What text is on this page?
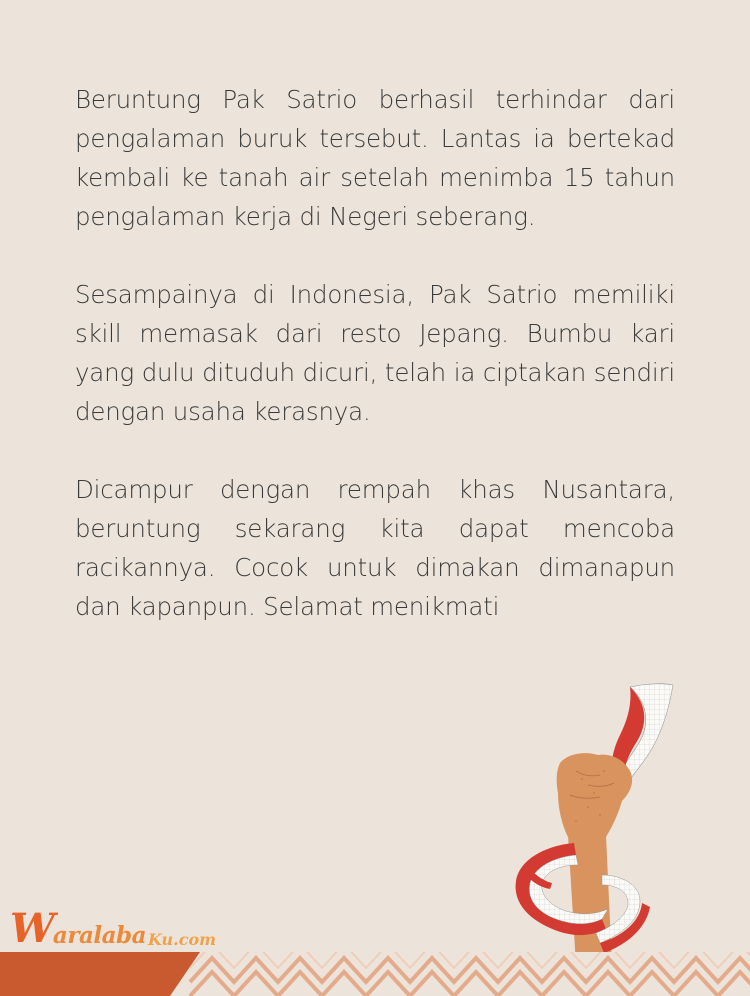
Beruntung Pak Satrio berhasil terhindar dari pengalaman buruk tersebut. Lantas ia bertekad kembali ke tanah air setelah menimba 15 tahun pengalaman kerja di Negeri seberang.

Sesampainya di Indonesia, Pak Satrio memiliki skill memasak dari resto Jepang. Bumbu kari yang dulu dituduh dicuri, telah ia ciptakan sendiri dengan usaha kerasnya.

Dicampur dengan rempah khas Nusantara, beruntung sekarang kita dapat mencoba racikannya. Cocok untuk dimakan dimanapun dan kapanpun. Selamat menikmati

W
aralaba Ku.com
